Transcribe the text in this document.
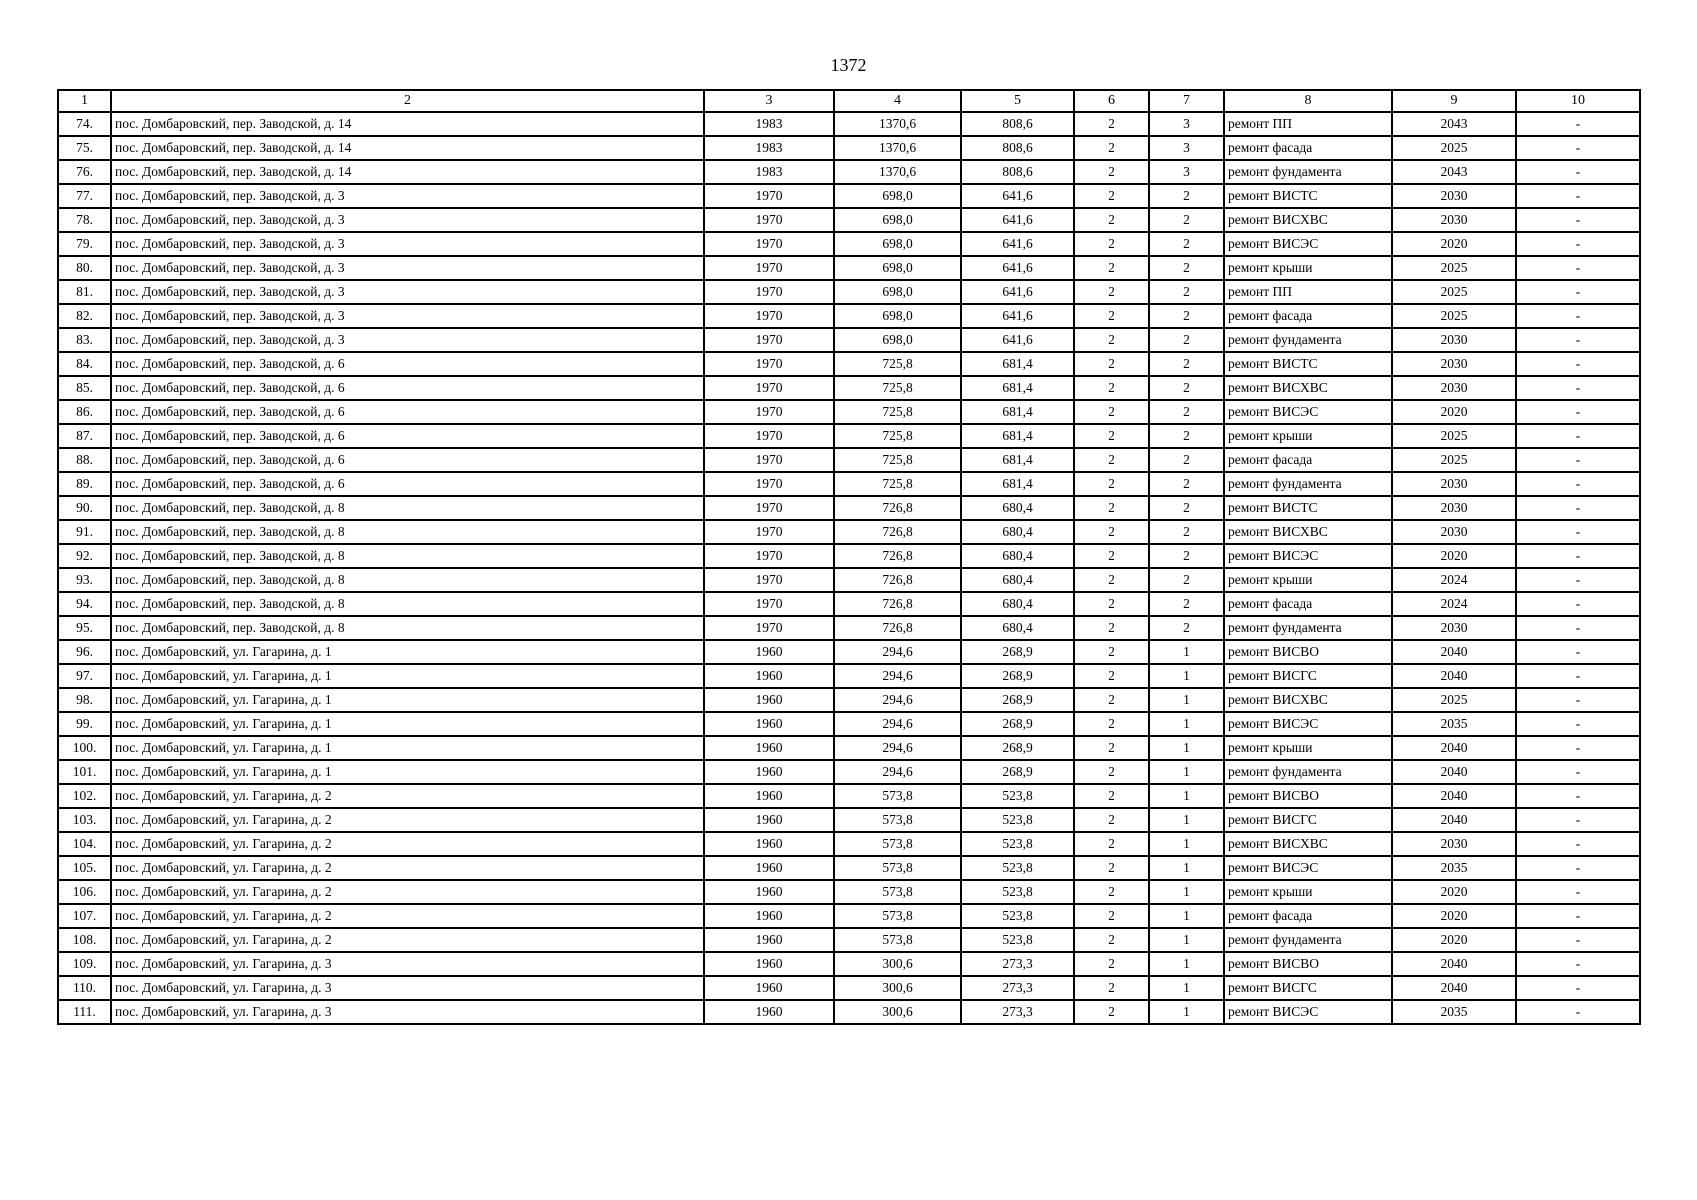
1372
1	2	3	4	5	6	7	8	9	10
74.	пос. Домбаровский, пер. Заводской, д. 14	1983	1370,6	808,6	2	3	ремонт ПП	2043	-
75.	пос. Домбаровский, пер. Заводской, д. 14	1983	1370,6	808,6	2	3	ремонт фасада	2025	-
76.	пос. Домбаровский, пер. Заводской, д. 14	1983	1370,6	808,6	2	3	ремонт фундамента	2043	-
77.	пос. Домбаровский, пер. Заводской, д. 3	1970	698,0	641,6	2	2	ремонт ВИСТС	2030	-
78.	пос. Домбаровский, пер. Заводской, д. 3	1970	698,0	641,6	2	2	ремонт ВИСХВС	2030	-
79.	пос. Домбаровский, пер. Заводской, д. 3	1970	698,0	641,6	2	2	ремонт ВИСЭС	2020	-
80.	пос. Домбаровский, пер. Заводской, д. 3	1970	698,0	641,6	2	2	ремонт крыши	2025	-
81.	пос. Домбаровский, пер. Заводской, д. 3	1970	698,0	641,6	2	2	ремонт ПП	2025	-
82.	пос. Домбаровский, пер. Заводской, д. 3	1970	698,0	641,6	2	2	ремонт фасада	2025	-
83.	пос. Домбаровский, пер. Заводской, д. 3	1970	698,0	641,6	2	2	ремонт фундамента	2030	-
84.	пос. Домбаровский, пер. Заводской, д. 6	1970	725,8	681,4	2	2	ремонт ВИСТС	2030	-
85.	пос. Домбаровский, пер. Заводской, д. 6	1970	725,8	681,4	2	2	ремонт ВИСХВС	2030	-
86.	пос. Домбаровский, пер. Заводской, д. 6	1970	725,8	681,4	2	2	ремонт ВИСЭС	2020	-
87.	пос. Домбаровский, пер. Заводской, д. 6	1970	725,8	681,4	2	2	ремонт крыши	2025	-
88.	пос. Домбаровский, пер. Заводской, д. 6	1970	725,8	681,4	2	2	ремонт фасада	2025	-
89.	пос. Домбаровский, пер. Заводской, д. 6	1970	725,8	681,4	2	2	ремонт фундамента	2030	-
90.	пос. Домбаровский, пер. Заводской, д. 8	1970	726,8	680,4	2	2	ремонт ВИСТС	2030	-
91.	пос. Домбаровский, пер. Заводской, д. 8	1970	726,8	680,4	2	2	ремонт ВИСХВС	2030	-
92.	пос. Домбаровский, пер. Заводской, д. 8	1970	726,8	680,4	2	2	ремонт ВИСЭС	2020	-
93.	пос. Домбаровский, пер. Заводской, д. 8	1970	726,8	680,4	2	2	ремонт крыши	2024	-
94.	пос. Домбаровский, пер. Заводской, д. 8	1970	726,8	680,4	2	2	ремонт фасада	2024	-
95.	пос. Домбаровский, пер. Заводской, д. 8	1970	726,8	680,4	2	2	ремонт фундамента	2030	-
96.	пос. Домбаровский, ул. Гагарина, д. 1	1960	294,6	268,9	2	1	ремонт ВИСВО	2040	-
97.	пос. Домбаровский, ул. Гагарина, д. 1	1960	294,6	268,9	2	1	ремонт ВИСГС	2040	-
98.	пос. Домбаровский, ул. Гагарина, д. 1	1960	294,6	268,9	2	1	ремонт ВИСХВС	2025	-
99.	пос. Домбаровский, ул. Гагарина, д. 1	1960	294,6	268,9	2	1	ремонт ВИСЭС	2035	-
100.	пос. Домбаровский, ул. Гагарина, д. 1	1960	294,6	268,9	2	1	ремонт крыши	2040	-
101.	пос. Домбаровский, ул. Гагарина, д. 1	1960	294,6	268,9	2	1	ремонт фундамента	2040	-
102.	пос. Домбаровский, ул. Гагарина, д. 2	1960	573,8	523,8	2	1	ремонт ВИСВО	2040	-
103.	пос. Домбаровский, ул. Гагарина, д. 2	1960	573,8	523,8	2	1	ремонт ВИСГС	2040	-
104.	пос. Домбаровский, ул. Гагарина, д. 2	1960	573,8	523,8	2	1	ремонт ВИСХВС	2030	-
105.	пос. Домбаровский, ул. Гагарина, д. 2	1960	573,8	523,8	2	1	ремонт ВИСЭС	2035	-
106.	пос. Домбаровский, ул. Гагарина, д. 2	1960	573,8	523,8	2	1	ремонт крыши	2020	-
107.	пос. Домбаровский, ул. Гагарина, д. 2	1960	573,8	523,8	2	1	ремонт фасада	2020	-
108.	пос. Домбаровский, ул. Гагарина, д. 2	1960	573,8	523,8	2	1	ремонт фундамента	2020	-
109.	пос. Домбаровский, ул. Гагарина, д. 3	1960	300,6	273,3	2	1	ремонт ВИСВО	2040	-
110.	пос. Домбаровский, ул. Гагарина, д. 3	1960	300,6	273,3	2	1	ремонт ВИСГС	2040	-
111.	пос. Домбаровский, ул. Гагарина, д. 3	1960	300,6	273,3	2	1	ремонт ВИСЭС	2035	-
